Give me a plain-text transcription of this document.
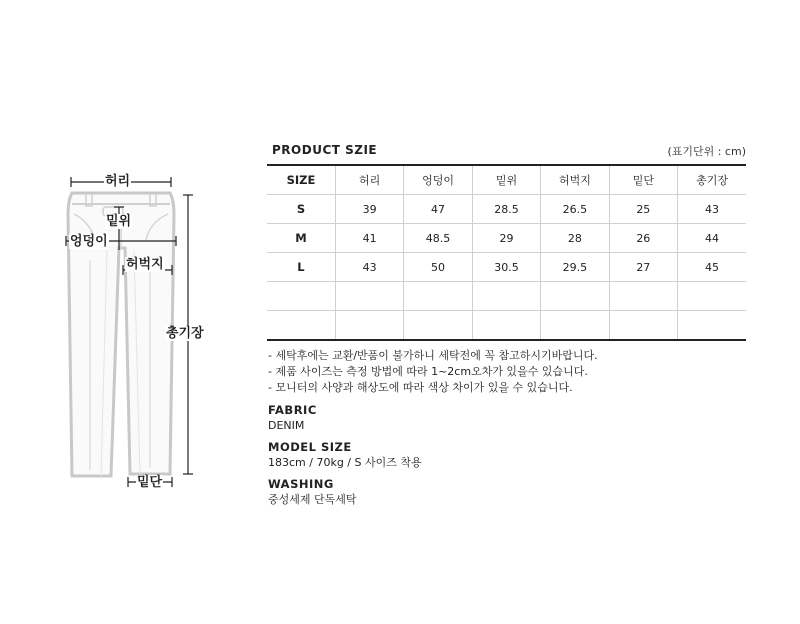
허리
밑위
엉덩이
허벅지
총기장
밑단
PRODUCT SZIE	(표기단위 : cm)
SIZE	허리	엉덩이	밑위	허벅지	밑단	총기장
S	39	47	28.5	26.5	25	43
M	41	48.5	29	28	26	44
L	43	50	30.5	29.5	27	45

- 세탁후에는 교환/반품이 불가하니 세탁전에 꼭 참고하시기바랍니다.
- 제품 사이즈는 측정 방법에 따라 1~2cm오차가 있을수 있습니다.
- 모니터의 사양과 해상도에 따라 색상 차이가 있을 수 있습니다.
FABRIC
DENIM
MODEL SIZE
183cm / 70kg / S 사이즈 착용
WASHING
중성세제 단독세탁
